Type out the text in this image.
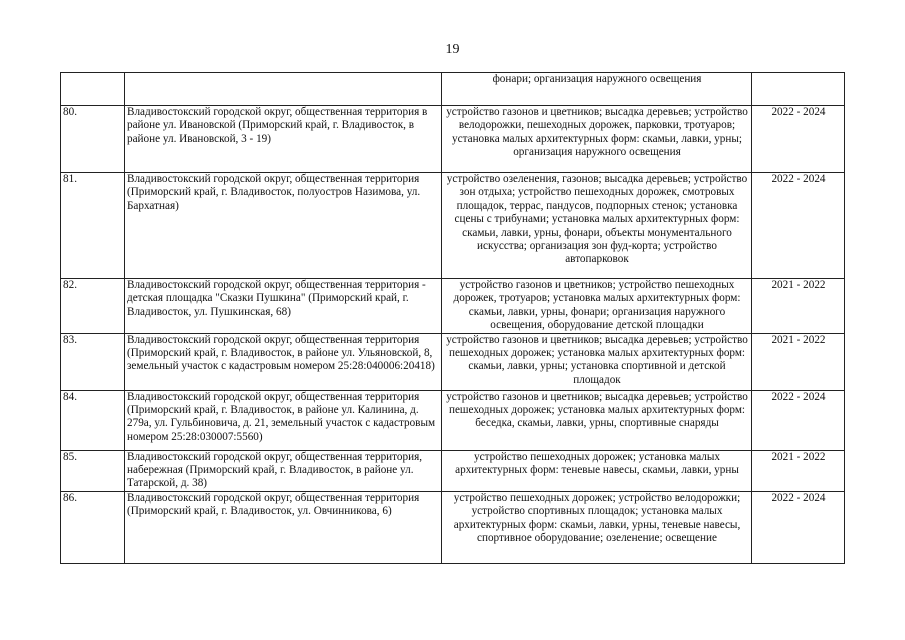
19
		фонари; организация наружного освещения	
80.	Владивостокский городской округ, общественная территория в районе ул. Ивановской (Приморский край, г. Владивосток, в районе ул. Ивановской, 3 - 19)	устройство газонов и цветников; высадка деревьев; устройство велодорожки, пешеходных дорожек, парковки, тротуаров; установка малых архитектурных форм: скамьи, лавки, урны; организация наружного освещения	2022 - 2024
81.	Владивостокский городской округ, общественная территория (Приморский край, г. Владивосток, полуостров Назимова, ул. Бархатная)	устройство озеленения, газонов; высадка деревьев; устройство зон отдыха; устройство пешеходных дорожек, смотровых площадок, террас, пандусов, подпорных стенок; установка сцены с трибунами; установка малых архитектурных форм: скамьи, лавки, урны, фонари, объекты монументального искусства; организация зон фуд-корта; устройство автопарковок	2022 - 2024
82.	Владивостокский городской округ, общественная территория - детская площадка "Сказки Пушкина" (Приморский край, г. Владивосток, ул. Пушкинская, 68)	устройство газонов и цветников; устройство пешеходных дорожек, тротуаров; установка малых архитектурных форм: скамьи, лавки, урны, фонари; организация наружного освещения, оборудование детской площадки	2021 - 2022
83.	Владивостокский городской округ, общественная территория (Приморский край, г. Владивосток, в районе ул. Ульяновской, 8, земельный участок с кадастровым номером 25:28:040006:20418)	устройство газонов и цветников; высадка деревьев; устройство пешеходных дорожек; установка малых архитектурных форм: скамьи, лавки, урны; установка спортивной и детской площадок	2021 - 2022
84.	Владивостокский городской округ, общественная территория (Приморский край, г. Владивосток, в районе ул. Калинина, д. 279а, ул. Гульбиновича, д. 21, земельный участок с кадастровым номером 25:28:030007:5560)	устройство газонов и цветников; высадка деревьев; устройство пешеходных дорожек; установка малых архитектурных форм: беседка, скамьи, лавки, урны, спортивные снаряды	2022 - 2024
85.	Владивостокский городской округ, общественная территория, набережная (Приморский край, г. Владивосток, в районе ул. Татарской, д. 38)	устройство пешеходных дорожек; установка малых архитектурных форм: теневые навесы, скамьи, лавки, урны	2021 - 2022
86.	Владивостокский городской округ, общественная территория (Приморский край, г. Владивосток, ул. Овчинникова, 6)	устройство пешеходных дорожек; устройство велодорожки; устройство спортивных площадок; установка малых архитектурных форм: скамьи, лавки, урны, теневые навесы, спортивное оборудование; озеленение; освещение	2022 - 2024
